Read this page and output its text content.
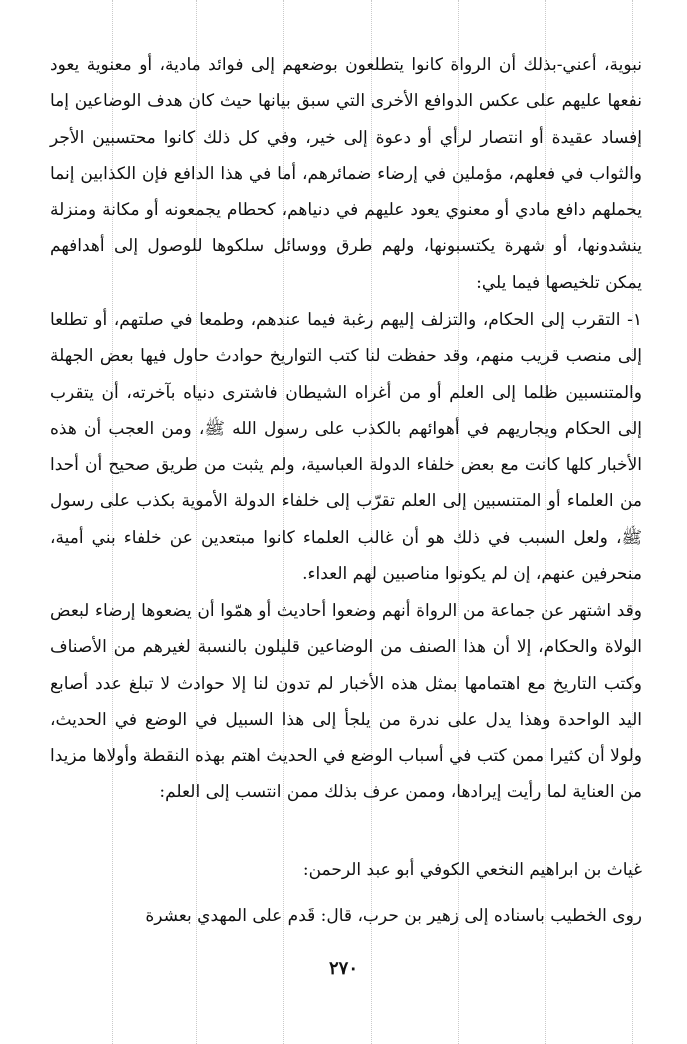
نبوية، أعني-بذلك أن الرواة كانوا يتطلعون بوضعهم إلى فوائد مادية، أو معنوية يعود نفعها عليهم على عكس الدوافع الأخرى التي سبق بيانها حيث كان هدف الوضاعين إما إفساد عقيدة أو انتصار لرأي أو دعوة إلى خير، وفي كل ذلك كانوا محتسبين الأجر والثواب في فعلهم، مؤملين في إرضاء ضمائرهم، أما في هذا الدافع فإن الكذابين إنما يحملهم دافع مادي أو معنوي يعود عليهم في دنياهم، كحطام يجمعونه أو مكانة ومنزلة ينشدونها، أو شهرة يكتسبونها، ولهم طرق ووسائل سلكوها للوصول إلى أهدافهم يمكن تلخيصها فيما يلي:

١- التقرب إلى الحكام، والتزلف إليهم رغبة فيما عندهم، وطمعا في صلتهم، أو تطلعا إلى منصب قريب منهم، وقد حفظت لنا كتب التواريخ حوادث حاول فيها بعض الجهلة والمتنسبين ظلما إلى العلم أو من أغراه الشيطان فاشترى دنياه بآخرته، أن يتقرب إلى الحكام ويجاريهم في أهوائهم بالكذب على رسول الله ﷺ، ومن العجب أن هذه الأخبار كلها كانت مع بعض خلفاء الدولة العباسية، ولم يثبت من طريق صحيح أن أحدا من العلماء أو المتنسبين إلى العلم تقرّب إلى خلفاء الدولة الأموية بكذب على رسول ﷺ، ولعل السبب في ذلك هو أن غالب العلماء كانوا مبتعدين عن خلفاء بني أمية، منحرفين عنهم، إن لم يكونوا مناصبين لهم العداء.

وقد اشتهر عن جماعة من الرواة أنهم وضعوا أحاديث أو همّوا أن يضعوها إرضاء لبعض الولاة والحكام، إلا أن هذا الصنف من الوضاعين قليلون بالنسبة لغيرهم من الأصناف وكتب التاريخ مع اهتمامها بمثل هذه الأخبار لم تدون لنا إلا حوادث لا تبلغ عدد أصابع اليد الواحدة وهذا يدل على ندرة من يلجأ إلى هذا السبيل في الوضع في الحديث، ولولا أن كثيرا ممن كتب في أسباب الوضع في الحديث اهتم بهذه النقطة وأولاها مزيدا من العناية لما رأيت إيرادها، وممن عرف بذلك ممن انتسب إلى العلم:

غياث بن ابراهيم النخعي الكوفي أبو عبد الرحمن:

روى الخطيب باسناده إلى زهير بن حرب، قال: قَدم على المهدي بعشرة

٢٧٠
